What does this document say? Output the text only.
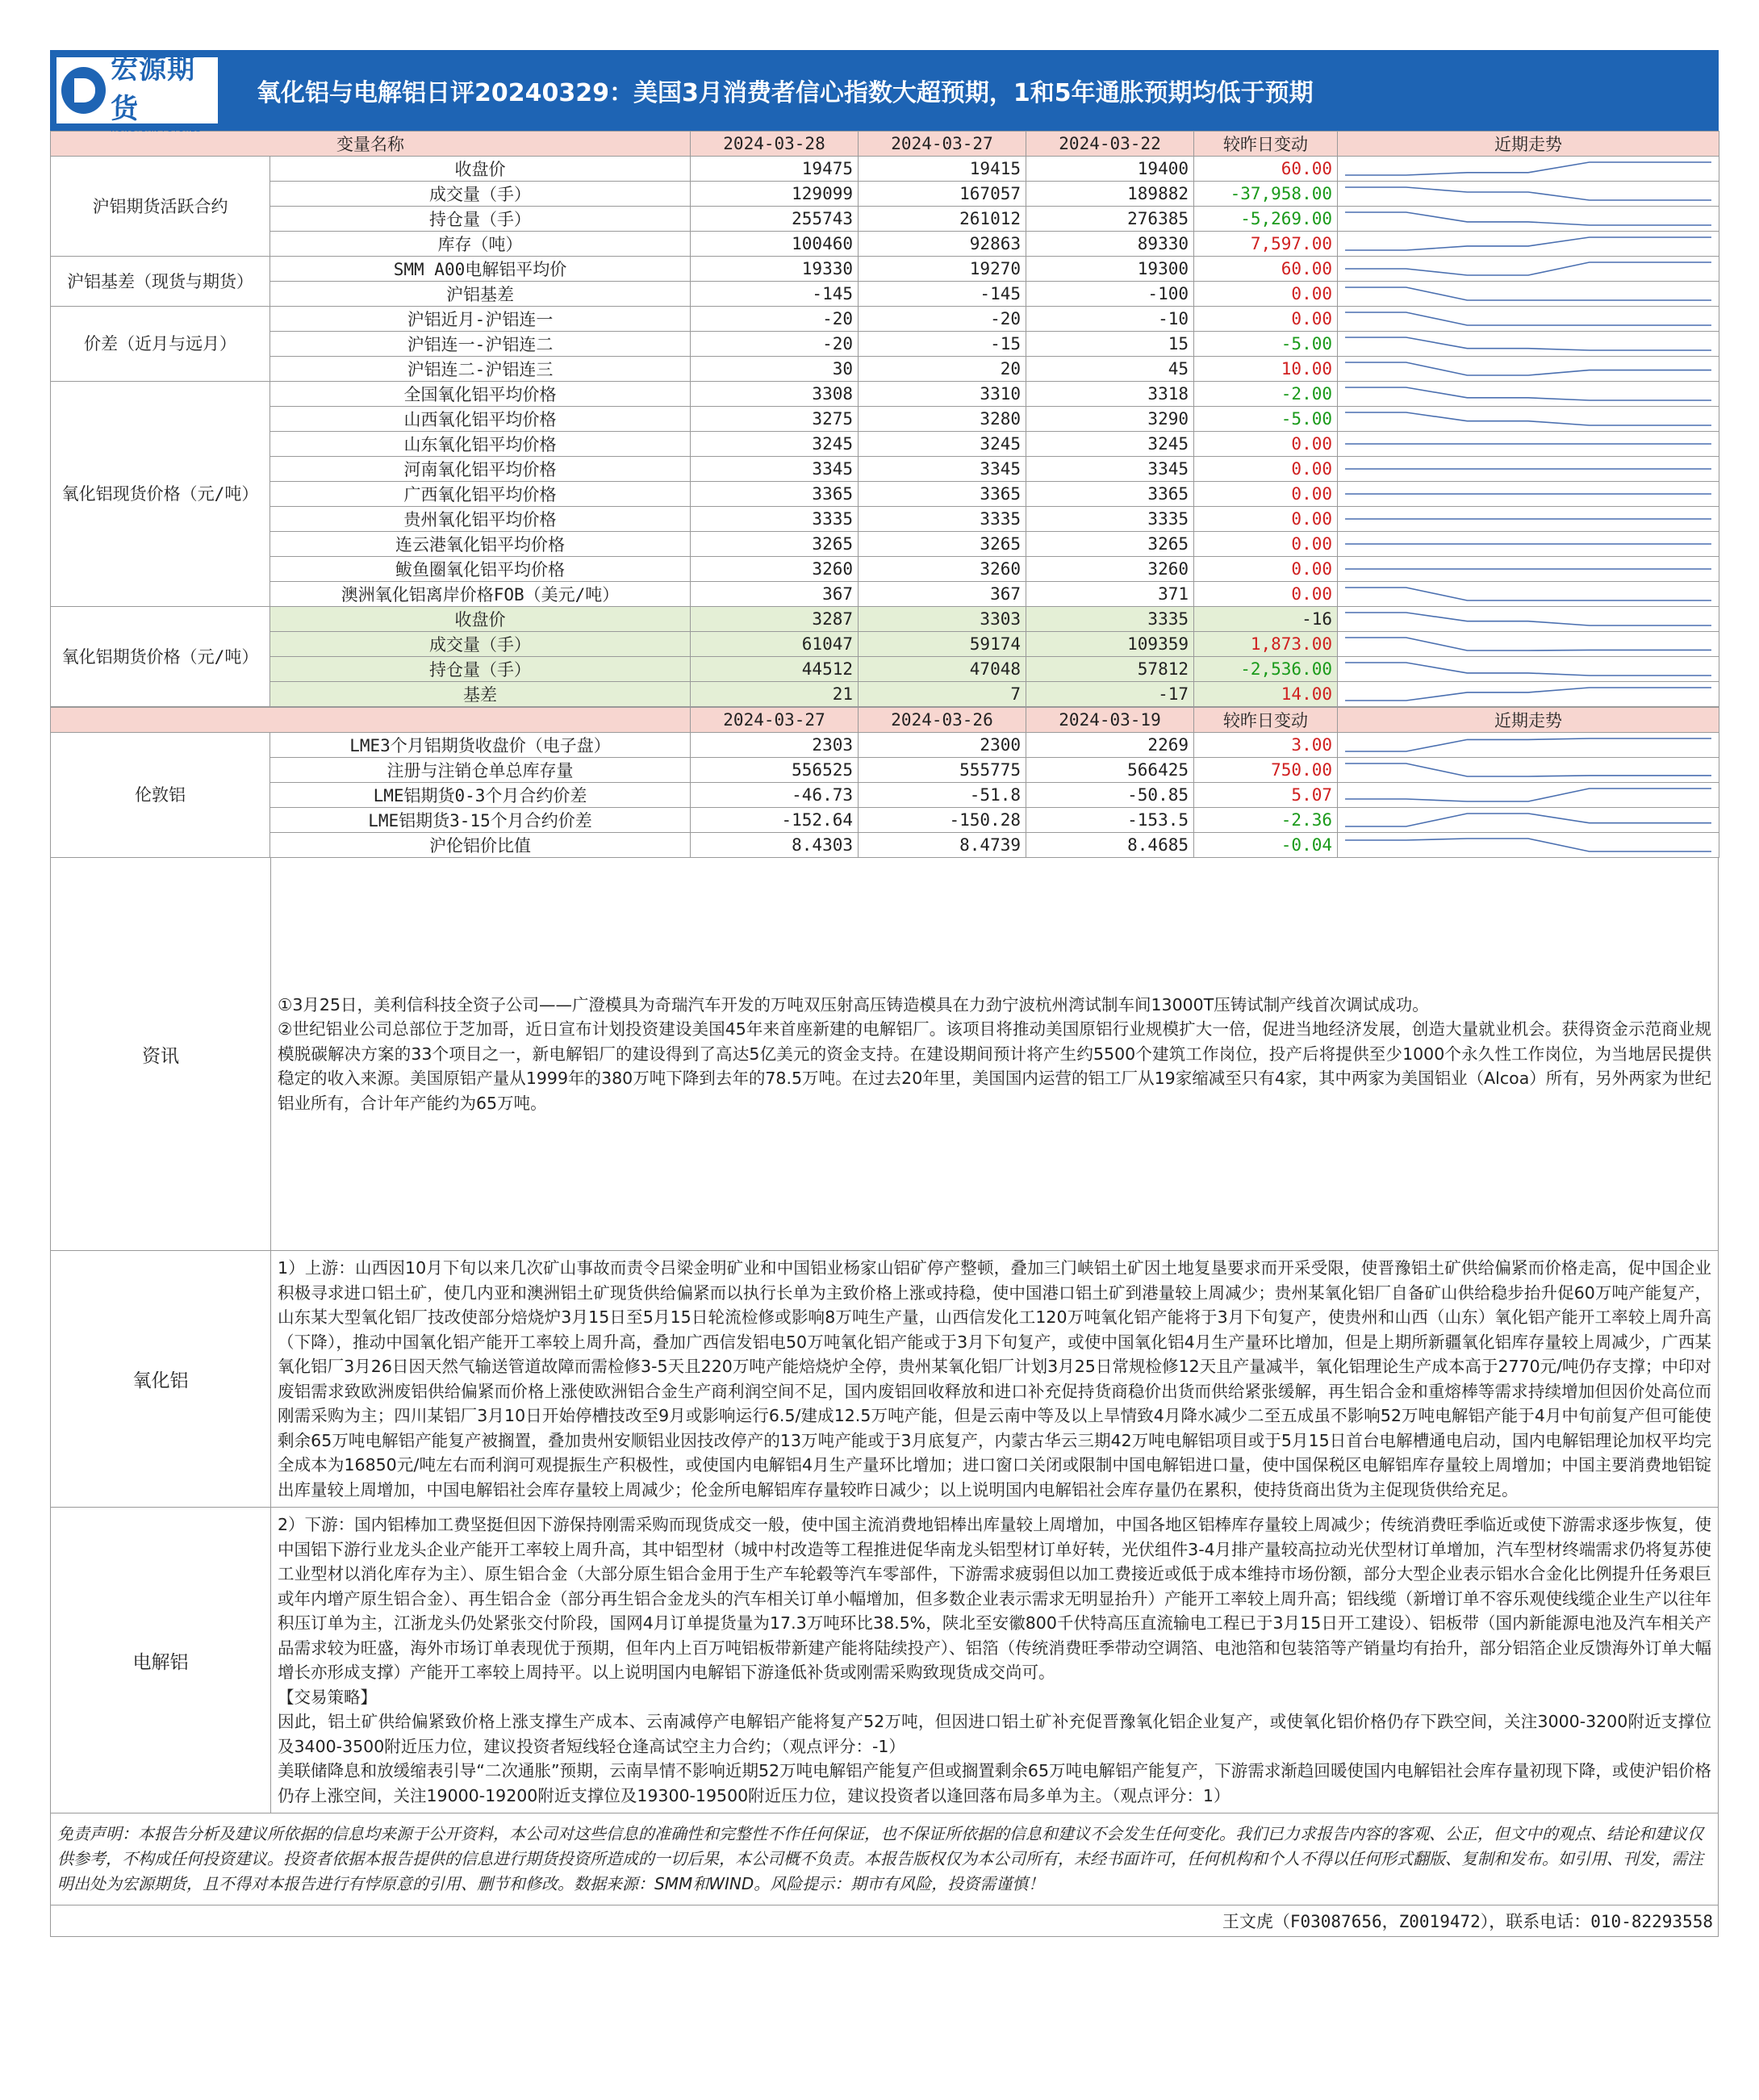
宏源期货
HONGYUAN FUTURES
氧化铝与电解铝日评20240329：美国3月消费者信心指数大超预期，1和5年通胀预期均低于预期
变量名称		2024-03-28	2024-03-27	2024-03-22	较昨日变动	近期走势
沪铝期货活跃合约	收盘价	19475	19415	19400	60.00	

	成交量（手）	129099	167057	189882	-37,958.00	

	持仓量（手）	255743	261012	276385	-5,269.00	

	库存（吨）	100460	92863	89330	7,597.00	

沪铝基差（现货与期货）	SMM A00电解铝平均价	19330	19270	19300	60.00	

	沪铝基差	-145	-145	-100	0.00	

价差（近月与远月）	沪铝近月-沪铝连一	-20	-20	-10	0.00	

	沪铝连一-沪铝连二	-20	-15	15	-5.00	

	沪铝连二-沪铝连三	30	20	45	10.00	

氧化铝现货价格（元/吨）	全国氧化铝平均价格	3308	3310	3318	-2.00	

	山西氧化铝平均价格	3275	3280	3290	-5.00	

	山东氧化铝平均价格	3245	3245	3245	0.00	

	河南氧化铝平均价格	3345	3345	3345	0.00	

	广西氧化铝平均价格	3365	3365	3365	0.00	

	贵州氧化铝平均价格	3335	3335	3335	0.00	

	连云港氧化铝平均价格	3265	3265	3265	0.00	

	鲅鱼圈氧化铝平均价格	3260	3260	3260	0.00	

	澳洲氧化铝离岸价格FOB（美元/吨）	367	367	371	0.00	

氧化铝期货价格（元/吨）	收盘价	3287	3303	3335	-16	

	成交量（手）	61047	59174	109359	1,873.00	

	持仓量（手）	44512	47048	57812	-2,536.00	

	基差	21	7	-17	14.00	
		2024-03-27	2024-03-26	2024-03-19	较昨日变动	近期走势
伦敦铝	LME3个月铝期货收盘价（电子盘）	2303	2300	2269	3.00	

	注册与注销仓单总库存量	556525	555775	566425	750.00	

	LME铝期货0-3个月合约价差	-46.73	-51.8	-50.85	5.07	

	LME铝期货3-15个月合约价差	-152.64	-150.28	-153.5	-2.36	

	沪伦铝价比值	8.4303	8.4739	8.4685	-0.04	
资讯
①3月25日，美利信科技全资子公司——广澄模具为奇瑞汽车开发的万吨双压射高压铸造模具在力劲宁波杭州湾试制车间13000T压铸试制产线首次调试成功。
②世纪铝业公司总部位于芝加哥，近日宣布计划投资建设美国45年来首座新建的电解铝厂。该项目将推动美国原铝行业规模扩大一倍，促进当地经济发展，创造大量就业机会。获得资金示范商业规模脱碳解决方案的33个项目之一，新电解铝厂的建设得到了高达5亿美元的资金支持。在建设期间预计将产生约5500个建筑工作岗位，投产后将提供至少1000个永久性工作岗位，为当地居民提供稳定的收入来源。美国原铝产量从1999年的380万吨下降到去年的78.5万吨。在过去20年里，美国国内运营的铝工厂从19家缩减至只有4家，其中两家为美国铝业（Alcoa）所有，另外两家为世纪铝业所有，合计年产能约为65万吨。
氧化铝
1）上游：山西因10月下旬以来几次矿山事故而责令吕梁金明矿业和中国铝业杨家山铝矿停产整顿，叠加三门峡铝土矿因土地复垦要求而开采受限，使晋豫铝土矿供给偏紧而价格走高，促中国企业积极寻求进口铝土矿，使几内亚和澳洲铝土矿现货供给偏紧而以执行长单为主致价格上涨或持稳，使中国港口铝土矿到港量较上周减少；贵州某氧化铝厂自备矿山供给稳步抬升促60万吨产能复产，山东某大型氧化铝厂技改使部分焙烧炉3月15日至5月15日轮流检修或影响8万吨生产量，山西信发化工120万吨氧化铝产能将于3月下旬复产，使贵州和山西（山东）氧化铝产能开工率较上周升高（下降），推动中国氧化铝产能开工率较上周升高，叠加广西信发铝电50万吨氧化铝产能或于3月下旬复产，或使中国氧化铝4月生产量环比增加，但是上期所新疆氧化铝库存量较上周减少，广西某氧化铝厂3月26日因天然气输送管道故障而需检修3-5天且220万吨产能焙烧炉全停，贵州某氧化铝厂计划3月25日常规检修12天且产量减半，氧化铝理论生产成本高于2770元/吨仍存支撑；中印对废铝需求致欧洲废铝供给偏紧而价格上涨使欧洲铝合金生产商利润空间不足，国内废铝回收释放和进口补充促持货商稳价出货而供给紧张缓解，再生铝合金和重熔棒等需求持续增加但因价处高位而刚需采购为主；四川某铝厂3月10日开始停槽技改至9月或影响运行6.5/建成12.5万吨产能，但是云南中等及以上旱情致4月降水减少二至五成虽不影响52万吨电解铝产能于4月中旬前复产但可能使剩余65万吨电解铝产能复产被搁置，叠加贵州安顺铝业因技改停产的13万吨产能或于3月底复产，内蒙古华云三期42万吨电解铝项目或于5月15日首台电解槽通电启动，国内电解铝理论加权平均完全成本为16850元/吨左右而利润可观提振生产积极性，或使国内电解铝4月生产量环比增加；进口窗口关闭或限制中国电解铝进口量，使中国保税区电解铝库存量较上周增加；中国主要消费地铝锭出库量较上周增加，中国电解铝社会库存量较上周减少；伦金所电解铝库存量较昨日减少；以上说明国内电解铝社会库存量仍在累积，使持货商出货为主促现货供给充足。
电解铝
2）下游：国内铝棒加工费坚挺但因下游保持刚需采购而现货成交一般，使中国主流消费地铝棒出库量较上周增加，中国各地区铝棒库存量较上周减少；传统消费旺季临近或使下游需求逐步恢复，使中国铝下游行业龙头企业产能开工率较上周升高，其中铝型材（城中村改造等工程推进促华南龙头铝型材订单好转，光伏组件3-4月排产量较高拉动光伏型材订单增加，汽车型材终端需求仍将复苏使工业型材以消化库存为主）、原生铝合金（大部分原生铝合金用于生产车轮毂等汽车零部件，下游需求疲弱但以加工费接近或低于成本维持市场份额，部分大型企业表示铝水合金化比例提升任务艰巨或年内增产原生铝合金）、再生铝合金（部分再生铝合金龙头的汽车相关订单小幅增加，但多数企业表示需求无明显抬升）产能开工率较上周升高；铝线缆（新增订单不容乐观使线缆企业生产以往年积压订单为主，江浙龙头仍处紧张交付阶段，国网4月订单提货量为17.3万吨环比38.5%，陕北至安徽800千伏特高压直流输电工程已于3月15日开工建设）、铝板带（国内新能源电池及汽车相关产品需求较为旺盛，海外市场订单表现优于预期，但年内上百万吨铝板带新建产能将陆续投产）、铝箔（传统消费旺季带动空调箔、电池箔和包装箔等产销量均有抬升，部分铝箔企业反馈海外订单大幅增长亦形成支撑）产能开工率较上周持平。以上说明国内电解铝下游逢低补货或刚需采购致现货成交尚可。
【交易策略】
因此，铝土矿供给偏紧致价格上涨支撑生产成本、云南减停产电解铝产能将复产52万吨，但因进口铝土矿补充促晋豫氧化铝企业复产，或使氧化铝价格仍存下跌空间，关注3000-3200附近支撑位及3400-3500附近压力位，建议投资者短线轻仓逢高试空主力合约；（观点评分：-1）
美联储降息和放缓缩表引导“二次通胀”预期，云南旱情不影响近期52万吨电解铝产能复产但或搁置剩余65万吨电解铝产能复产，下游需求渐趋回暖使国内电解铝社会库存量初现下降，或使沪铝价格仍存上涨空间，关注19000-19200附近支撑位及19300-19500附近压力位，建议投资者以逢回落布局多单为主。（观点评分：1）
免责声明：本报告分析及建议所依据的信息均来源于公开资料，本公司对这些信息的准确性和完整性不作任何保证，也不保证所依据的信息和建议不会发生任何变化。我们已力求报告内容的客观、公正，但文中的观点、结论和建议仅供参考，不构成任何投资建议。投资者依据本报告提供的信息进行期货投资所造成的一切后果，本公司概不负责。本报告版权仅为本公司所有，未经书面许可，任何机构和个人不得以任何形式翻版、复制和发布。如引用、刊发，需注明出处为宏源期货，且不得对本报告进行有悖原意的引用、删节和修改。数据来源：SMM和WIND。风险提示：期市有风险，投资需谨慎！
王文虎（F03087656，Z0019472），联系电话：010-82293558
